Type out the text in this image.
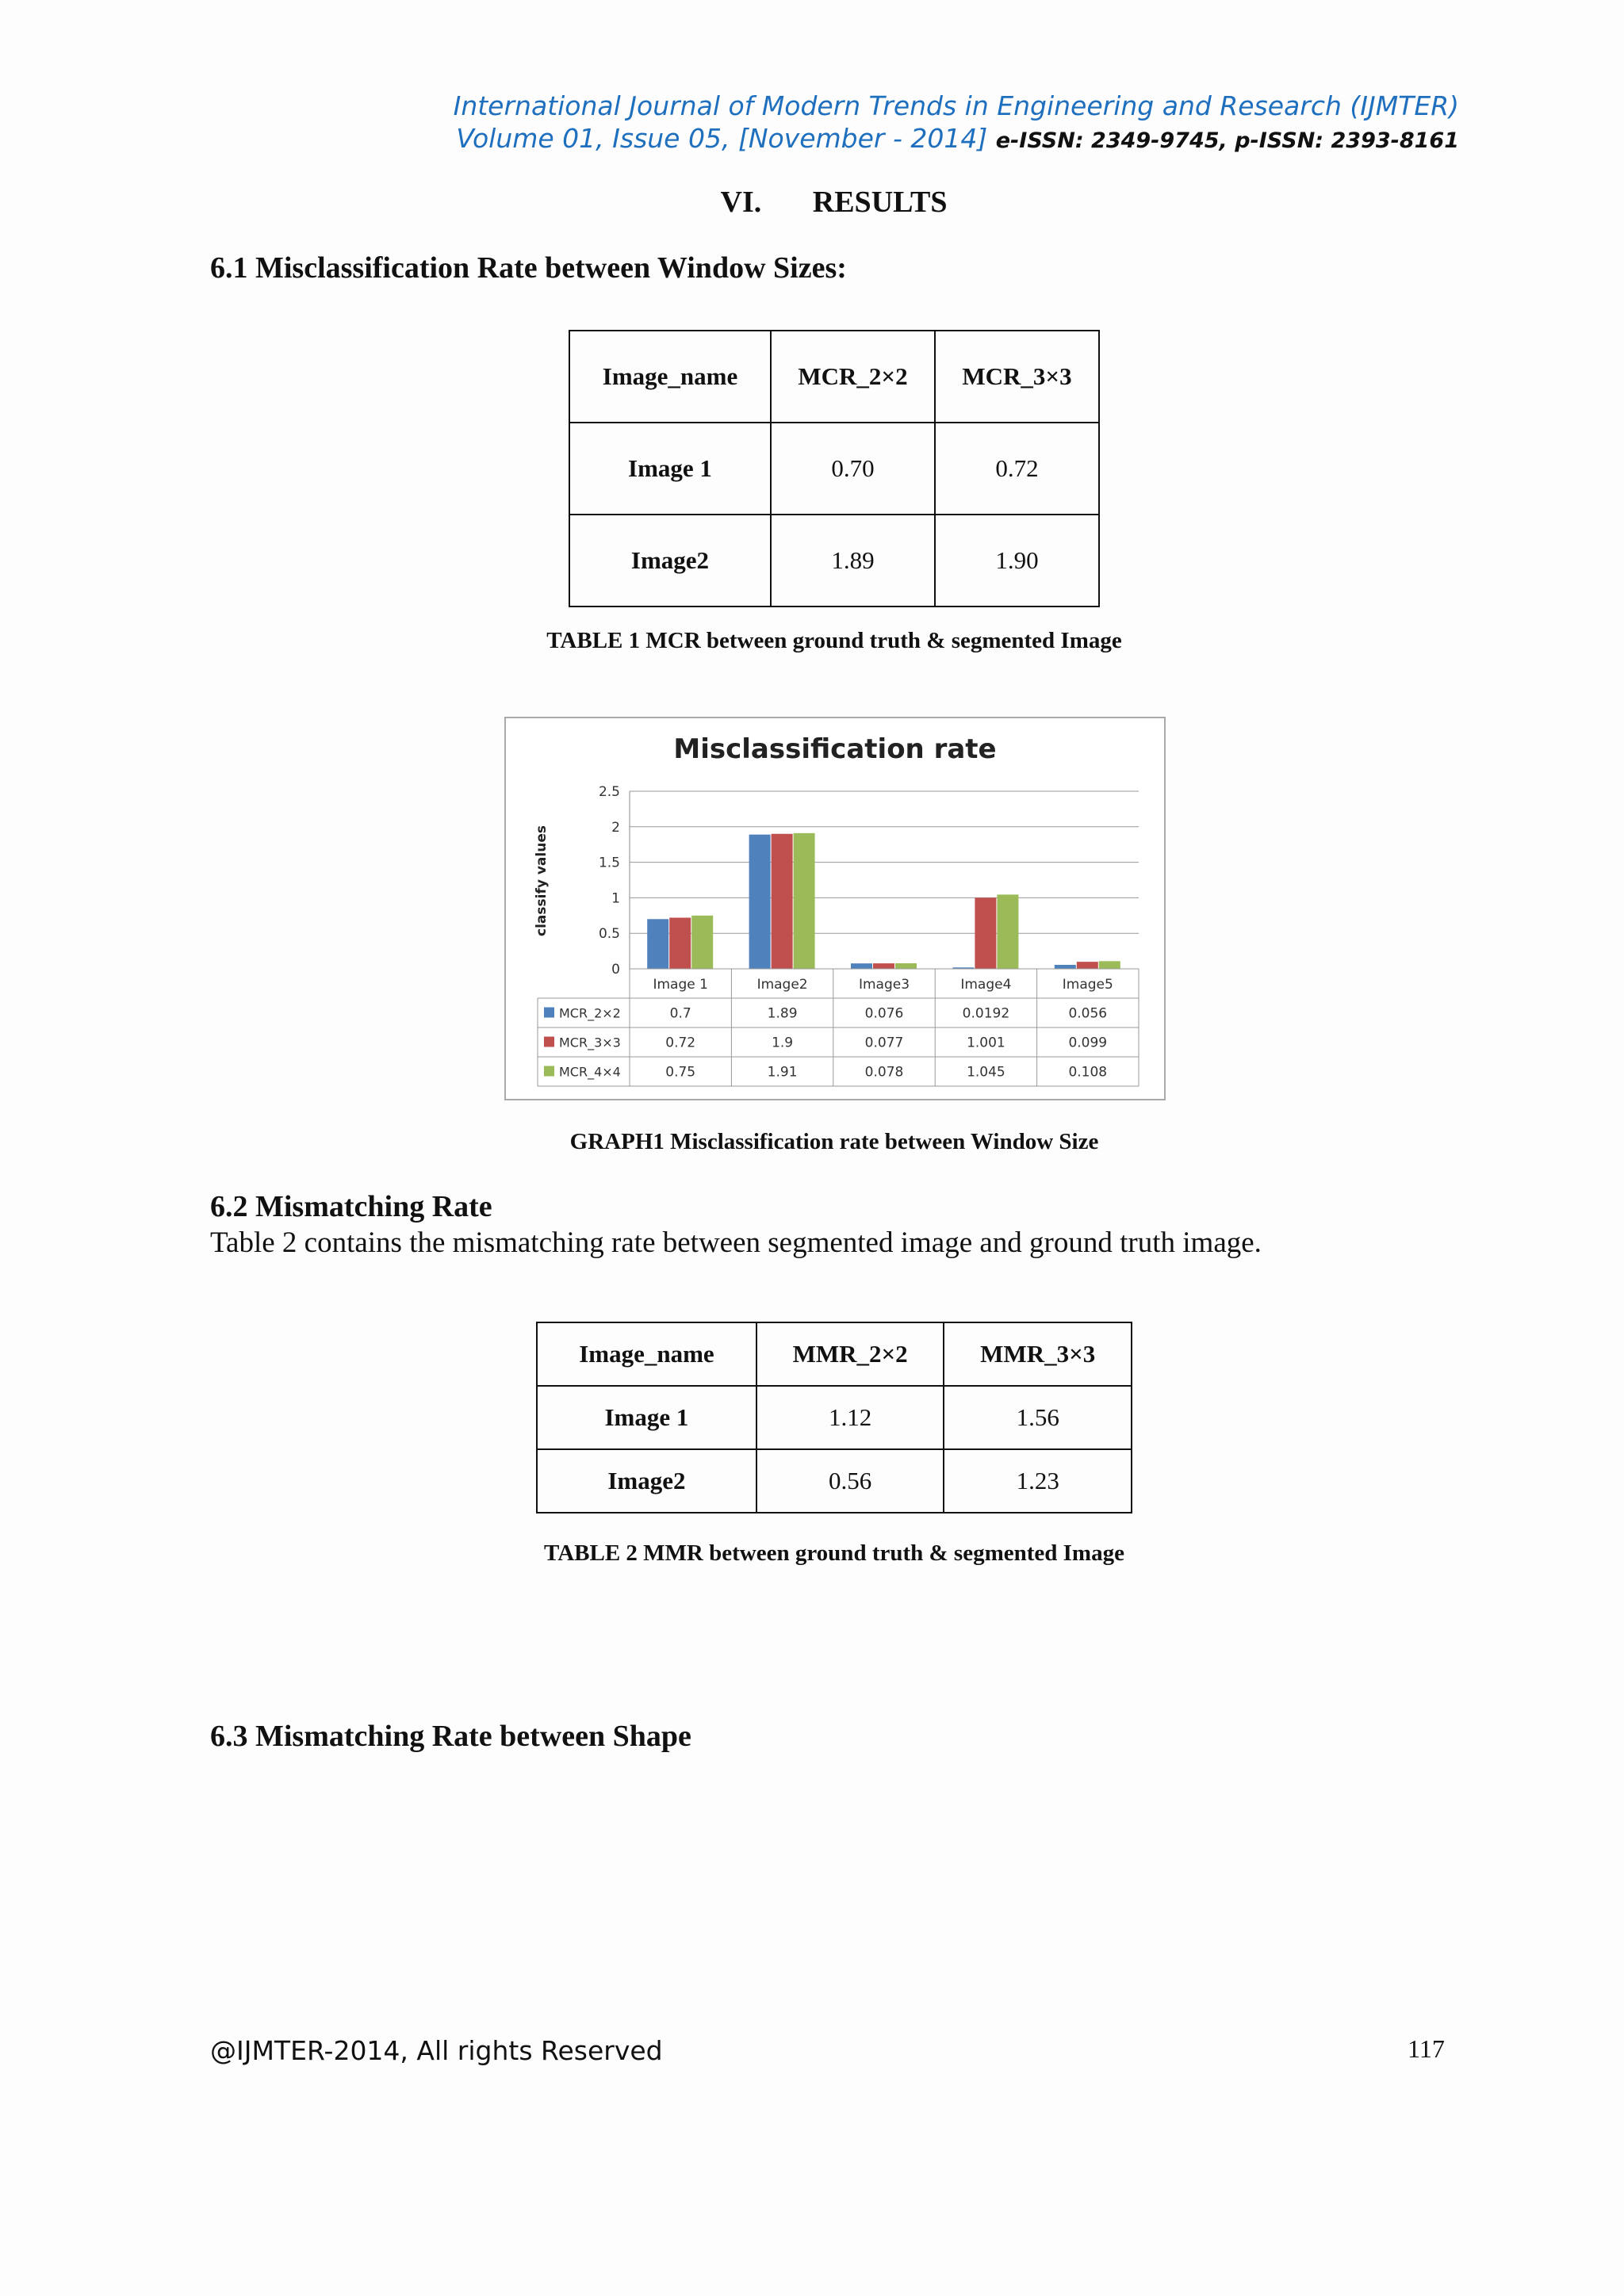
International Journal of Modern Trends in Engineering and Research (IJMTER)
Volume 01, Issue 05, [November - 2014] e-ISSN: 2349-9745, p-ISSN: 2393-8161
VI. RESULTS
6.1 Misclassification Rate between Window Sizes:
Image_name	MCR_2×2	MCR_3×3
Image 1	0.70	0.72
Image2	1.89	1.90
TABLE 1 MCR between ground truth & segmented Image
Misclassification rate
classify values
2.5
2
1.5
1
0.5
0
Image 1	Image2	Image3	Image4	Image5
MCR_2×2	0.7	1.89	0.076	0.0192	0.056
MCR_3×3	0.72	1.9	0.077	1.001	0.099
MCR_4×4	0.75	1.91	0.078	1.045	0.108
GRAPH1 Misclassification rate between Window Size
6.2 Mismatching Rate
Table 2 contains the mismatching rate between segmented image and ground truth image.
Image_name	MMR_2×2	MMR_3×3
Image 1	1.12	1.56
Image2	0.56	1.23
TABLE 2 MMR between ground truth & segmented Image
6.3 Mismatching Rate between Shape
@IJMTER-2014, All rights Reserved	117
